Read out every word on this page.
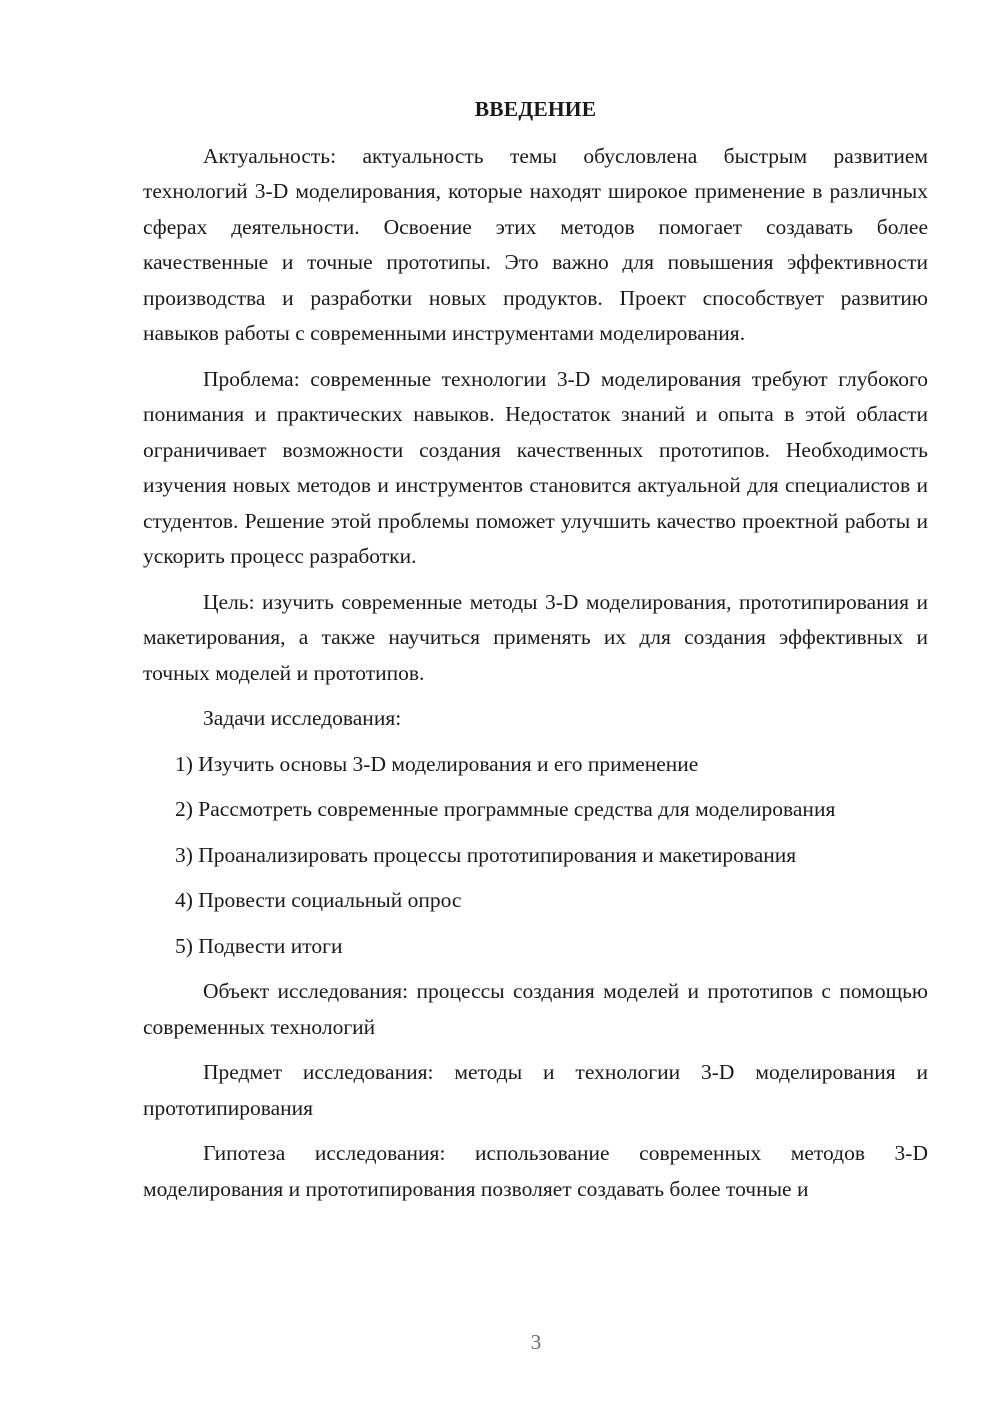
ВВЕДЕНИЕ

Актуальность: актуальность темы обусловлена быстрым развитием технологий 3-D моделирования, которые находят широкое применение в различных сферах деятельности. Освоение этих методов помогает создавать более качественные и точные прототипы. Это важно для повышения эффективности производства и разработки новых продуктов. Проект способствует развитию навыков работы с современными инструментами моделирования.

Проблема: современные технологии 3-D моделирования требуют глубокого понимания и практических навыков. Недостаток знаний и опыта в этой области ограничивает возможности создания качественных прототипов. Необходимость изучения новых методов и инструментов становится актуальной для специалистов и студентов. Решение этой проблемы поможет улучшить качество проектной работы и ускорить процесс разработки.

Цель: изучить современные методы 3-D моделирования, прототипирования и макетирования, а также научиться применять их для создания эффективных и точных моделей и прототипов.

Задачи исследования:

1) Изучить основы 3-D моделирования и его применение

2) Рассмотреть современные программные средства для моделирования

3) Проанализировать процессы прототипирования и макетирования

4) Провести социальный опрос

5) Подвести итоги

Объект исследования: процессы создания моделей и прототипов с помощью современных технологий

Предмет исследования: методы и технологии 3-D моделирования и прототипирования

Гипотеза исследования: использование современных методов 3-D моделирования и прототипирования позволяет создавать более точные и

3
